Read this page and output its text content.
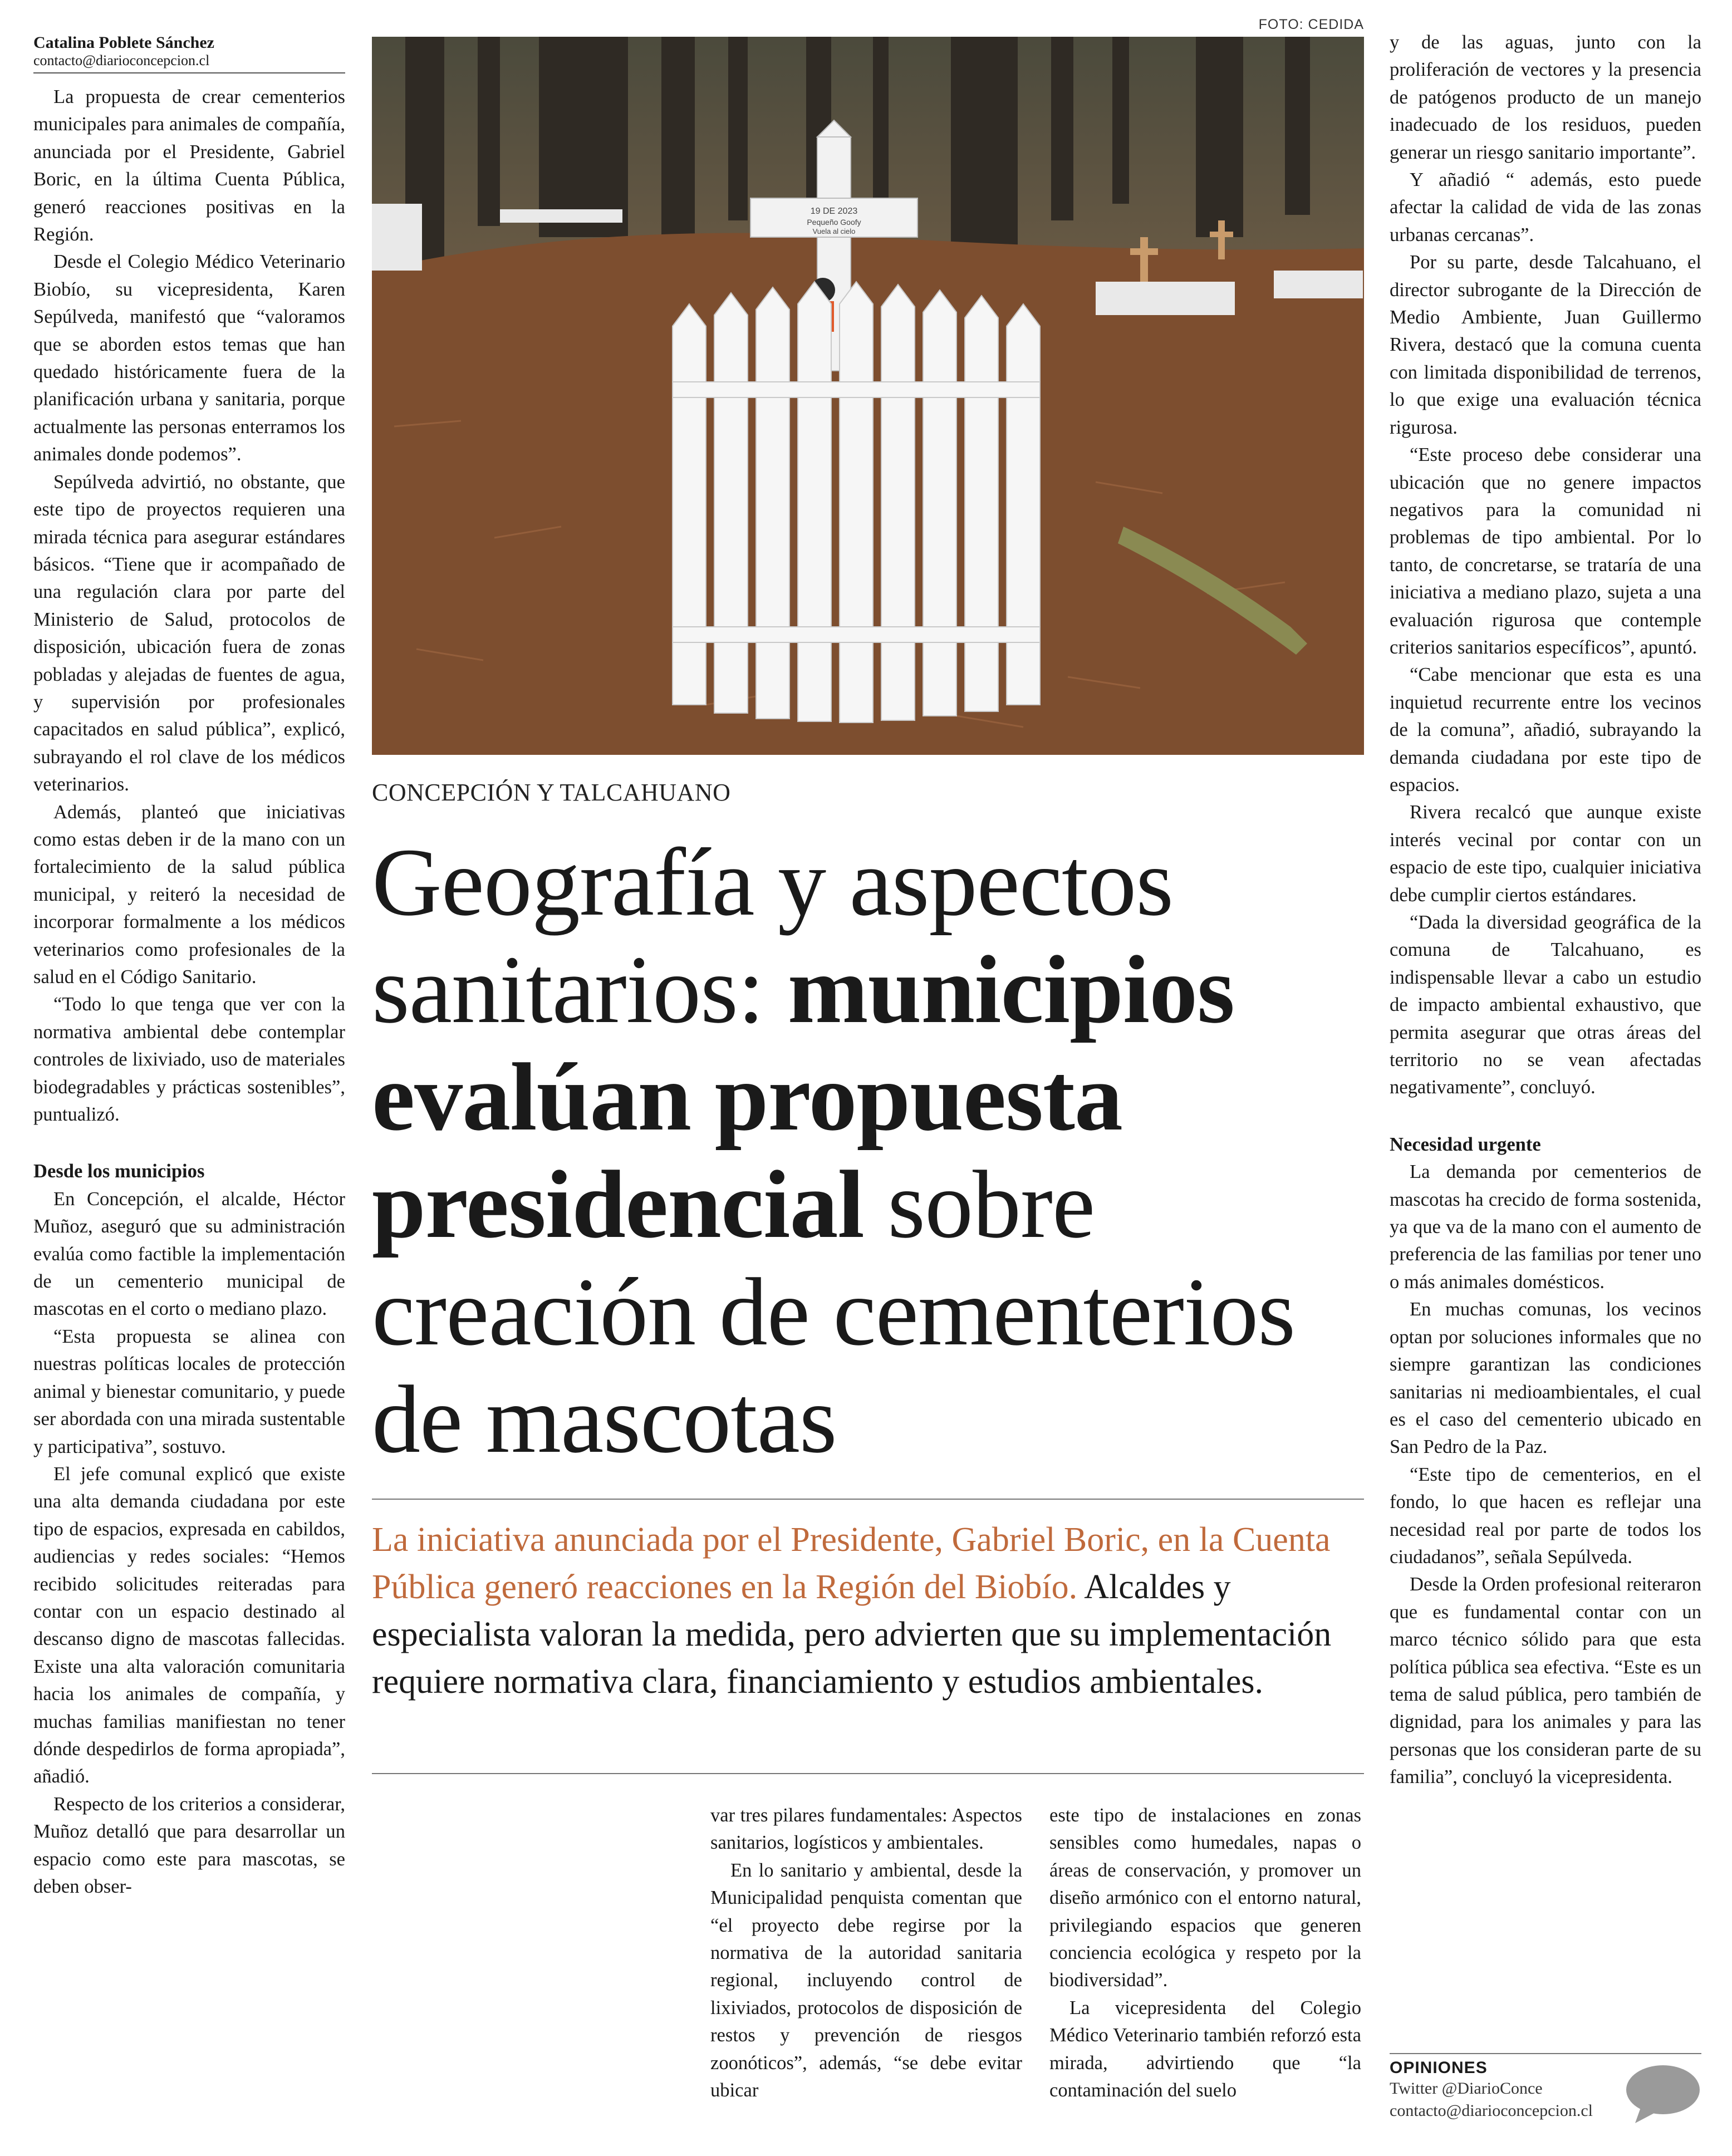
Catalina Poblete Sánchez
contacto@diarioconcepcion.cl

La propuesta de crear cementerios municipales para animales de compañía, anunciada por el Presidente, Gabriel Boric, en la última Cuenta Pública, generó reacciones positivas en la Región.

Desde el Colegio Médico Veterinario Biobío, su vicepresidenta, Karen Sepúlveda, manifestó que “valoramos que se aborden estos temas que han quedado históricamente fuera de la planificación urbana y sanitaria, porque actualmente las personas enterramos los animales donde podemos”.

Sepúlveda advirtió, no obstante, que este tipo de proyectos requieren una mirada técnica para asegurar estándares básicos. “Tiene que ir acompañado de una regulación clara por parte del Ministerio de Salud, protocolos de disposición, ubicación fuera de zonas pobladas y alejadas de fuentes de agua, y supervisión por profesionales capacitados en salud pública”, explicó, subrayando el rol clave de los médicos veterinarios.

Además, planteó que iniciativas como estas deben ir de la mano con un fortalecimiento de la salud pública municipal, y reiteró la necesidad de incorporar formalmente a los médicos veterinarios como profesionales de la salud en el Código Sanitario.

“Todo lo que tenga que ver con la normativa ambiental debe contemplar controles de lixiviado, uso de materiales biodegradables y prácticas sostenibles”, puntualizó.

Desde los municipios

En Concepción, el alcalde, Héctor Muñoz, aseguró que su administración evalúa como factible la implementación de un cementerio municipal de mascotas en el corto o mediano plazo.

“Esta propuesta se alinea con nuestras políticas locales de protección animal y bienestar comunitario, y puede ser abordada con una mirada sustentable y participativa”, sostuvo.

El jefe comunal explicó que existe una alta demanda ciudadana por este tipo de espacios, expresada en cabildos, audiencias y redes sociales: “Hemos recibido solicitudes reiteradas para contar con un espacio destinado al descanso digno de mascotas fallecidas. Existe una alta valoración comunitaria hacia los animales de compañía, y muchas familias manifiestan no tener dónde despedirlos de forma apropiada”, añadió.

Respecto de los criterios a considerar, Muñoz detalló que para desarrollar un espacio como este para mascotas, se deben obser-

FOTO: CEDIDA
19 DE 2023
Pequeño Goofy
Vuela al cielo
CONCEPCIÓN Y TALCAHUANO
Geografía y aspectos sanitarios: municipios evalúan propuesta presidencial sobre creación de cementerios de mascotas
La iniciativa anunciada por el Presidente, Gabriel Boric, en la Cuenta Pública generó reacciones en la Región del Biobío. Alcaldes y especialista valoran la medida, pero advierten que su implementación requiere normativa clara, financiamiento y estudios ambientales.

var tres pilares fundamentales: Aspectos sanitarios, logísticos y ambientales.

En lo sanitario y ambiental, desde la Municipalidad penquista comentan que “el proyecto debe regirse por la normativa de la autoridad sanitaria regional, incluyendo control de lixiviados, protocolos de disposición de restos y prevención de riesgos zoonóticos”, además, “se debe evitar ubicar

este tipo de instalaciones en zonas sensibles como humedales, napas o áreas de conservación, y promover un diseño armónico con el entorno natural, privilegiando espacios que generen conciencia ecológica y respeto por la biodiversidad”.

La vicepresidenta del Colegio Médico Veterinario también reforzó esta mirada, advirtiendo que “la contaminación del suelo

y de las aguas, junto con la proliferación de vectores y la presencia de patógenos producto de un manejo inadecuado de los residuos, pueden generar un riesgo sanitario importante”.

Y añadió “ además, esto puede afectar la calidad de vida de las zonas urbanas cercanas”.

Por su parte, desde Talcahuano, el director subrogante de la Dirección de Medio Ambiente, Juan Guillermo Rivera, destacó que la comuna cuenta con limitada disponibilidad de terrenos, lo que exige una evaluación técnica rigurosa.

“Este proceso debe considerar una ubicación que no genere impactos negativos para la comunidad ni problemas de tipo ambiental. Por lo tanto, de concretarse, se trataría de una iniciativa a mediano plazo, sujeta a una evaluación rigurosa que contemple criterios sanitarios específicos”, apuntó.

“Cabe mencionar que esta es una inquietud recurrente entre los vecinos de la comuna”, añadió, subrayando la demanda ciudadana por este tipo de espacios.

Rivera recalcó que aunque existe interés vecinal por contar con un espacio de este tipo, cualquier iniciativa debe cumplir ciertos estándares.

“Dada la diversidad geográfica de la comuna de Talcahuano, es indispensable llevar a cabo un estudio de impacto ambiental exhaustivo, que permita asegurar que otras áreas del territorio no se vean afectadas negativamente”, concluyó.

Necesidad urgente

La demanda por cementerios de mascotas ha crecido de forma sostenida, ya que va de la mano con el aumento de preferencia de las familias por tener uno o más animales domésticos.

En muchas comunas, los vecinos optan por soluciones informales que no siempre garantizan las condiciones sanitarias ni medioambientales, el cual es el caso del cementerio ubicado en San Pedro de la Paz.

“Este tipo de cementerios, en el fondo, lo que hacen es reflejar una necesidad real por parte de todos los ciudadanos”, señala Sepúlveda.

Desde la Orden profesional reiteraron que es fundamental contar con un marco técnico sólido para que esta política pública sea efectiva. “Este es un tema de salud pública, pero también de dignidad, para los animales y para las personas que los consideran parte de su familia”, concluyó la vicepresidenta.

OPINIONES
Twitter @DiarioConce
contacto@diarioconcepcion.cl
